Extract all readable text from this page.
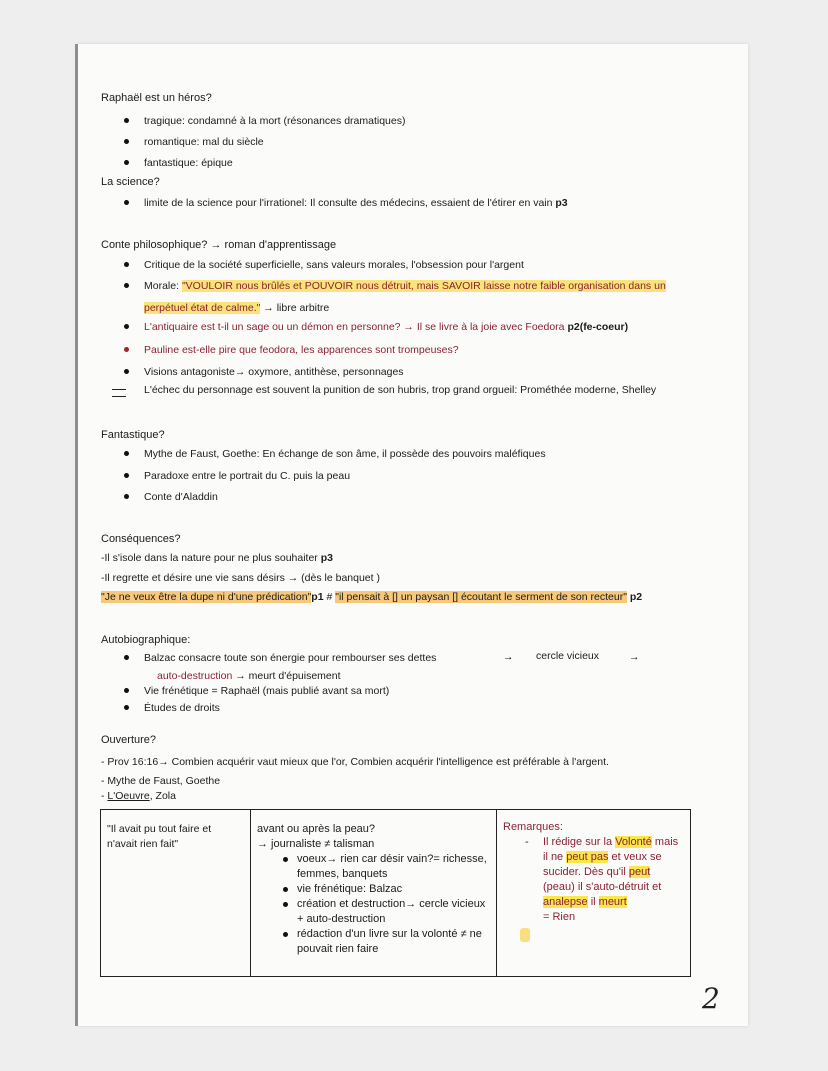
Raphaël est un héros?
tragique: condamné à la mort (résonances dramatiques)
romantique: mal du siècle
fantastique: épique
La science?
limite de la science pour l'irrationel: Il consulte des médecins, essaient de l'étirer en vain p3
Conte philosophique? → roman d'apprentissage
Critique de la société superficielle, sans valeurs morales, l'obsession pour l'argent
Morale: "VOULOIR nous brûlés et POUVOIR nous détruit, mais SAVOIR laisse notre faible organisation dans un
perpétuel état de calme." → libre arbitre
L'antiquaire est t-il un sage ou un démon en personne? → Il se livre à la joie avec Foedora p2(fe-coeur)
Pauline est-elle pire que feodora, les apparences sont trompeuses?
Visions antagoniste→ oxymore, antithèse, personnages
L'échec du personnage est souvent la punition de son hubris, trop grand orgueil: Prométhée moderne, Shelley
Fantastique?
Mythe de Faust, Goethe: En échange de son âme, il possède des pouvoirs maléfiques
Paradoxe entre le portrait du C. puis la peau
Conte d'Aladdin
Conséquences?
-Il s'isole dans la nature pour ne plus souhaiter p3
-Il regrette et désire une vie sans désirs → (dès le banquet )
"Je ne veux être la dupe ni d'une prédication"p1 # "il pensait à [] un paysan [] écoutant le serment de son recteur" p2
Autobiographique:
Balzac consacre toute son énergie pour rembourser ses dettes	→ cercle vicieux	→
auto-destruction → meurt d'épuisement
Vie frénétique = Raphaël (mais publié avant sa mort)
Études de droits
Ouverture?
- Prov 16:16→ Combien acquérir vaut mieux que l'or, Combien acquérir l'intelligence est préférable à l'argent.
- Mythe de Faust, Goethe
- L'Oeuvre, Zola
"Il avait pu tout faire et n'avait rien fait"

avant ou après la peau?
→ journaliste ≠ talisman
voeux→ rien car désir vain?= richesse, femmes, banquets
vie frénétique: Balzac
création et destruction→ cercle vicieux + auto-destruction
rédaction d'un livre sur la volonté ≠ ne pouvait rien faire

Remarques:
- Il rédige sur la Volonté mais il ne peut pas et veux se sucider. Dès qu'il peut (peau) il s'auto-détruit et analepse il meurt
= Rien
2
